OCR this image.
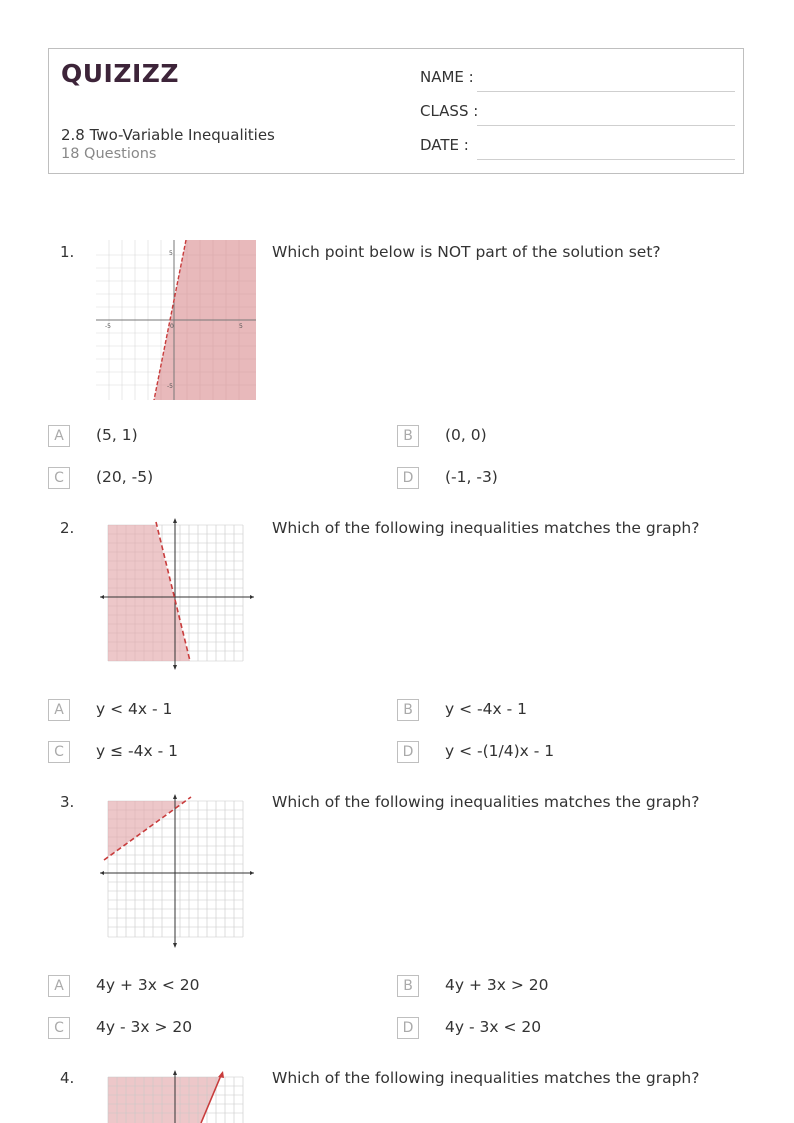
QUIZIZZ
2.8 Two-Variable Inequalities
18 Questions
NAME :
CLASS :
DATE :
1.	Which point below is NOT part of the solution set?
5
-5	0	5
-5
A	(5, 1)	B	(0, 0)
C	(20, -5)	D	(-1, -3)
2.	Which of the following inequalities matches the graph?
A	y < 4x - 1	B	y < -4x - 1
C	y ≤ -4x - 1	D	y < -(1/4)x - 1
3.	Which of the following inequalities matches the graph?
A	4y + 3x < 20	B	4y + 3x > 20
C	4y - 3x > 20	D	4y - 3x < 20
4.	Which of the following inequalities matches the graph?
